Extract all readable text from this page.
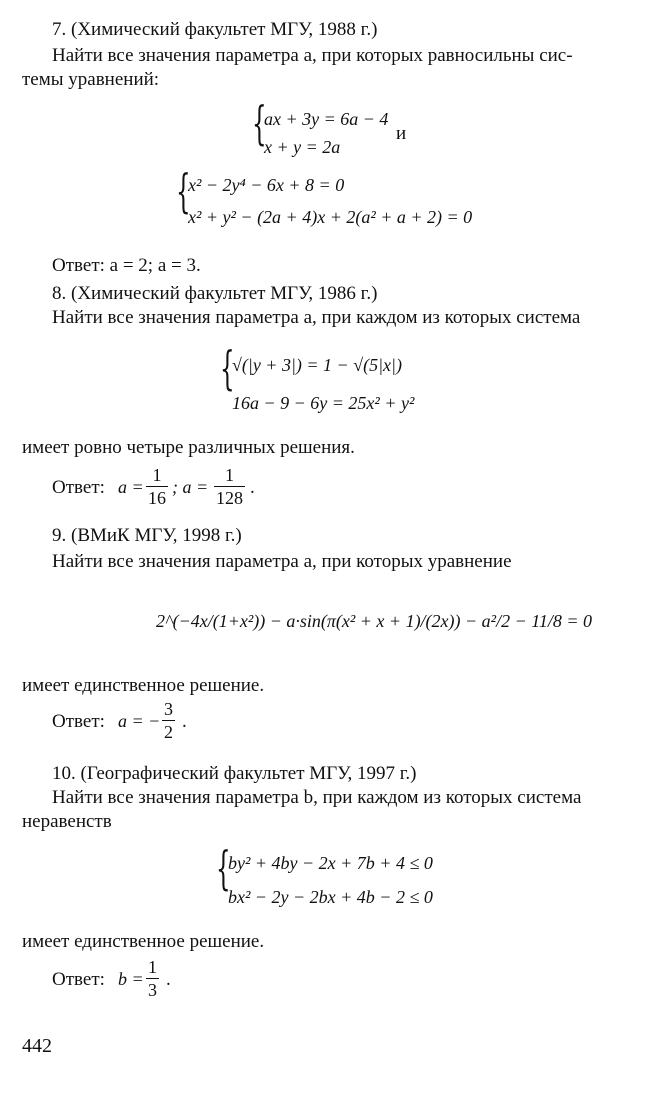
7. (Химический факультет МГУ, 1988 г.)
Найти все значения параметра a, при которых равносильны сис-
темы уравнений:
{
ax + 3y = 6a − 4
x + y = 2a
и
{
x² − 2y⁴ − 6x + 8 = 0
x² + y² − (2a + 4)x + 2(a² + a + 2) = 0
Ответ: a = 2; a = 3.
8. (Химический факультет МГУ, 1986 г.)
Найти все значения параметра a, при каждом из которых система
{
√(|y + 3|) = 1 − √(5|x|)
16a − 9 − 6y = 25x² + y²
имеет ровно четыре различных решения.
Ответ: $a = \frac{1}{16}$ ; $a = \frac{1}{128}$ .
9. (ВМиК МГУ, 1998 г.)
Найти все значения параметра a, при которых уравнение
2^(−4x/(1+x²)) − a·sin(π(x² + x + 1)/(2x)) − a²/2 − 11/8 = 0
имеет единственное решение.
Ответ: a = − $\frac{3}{2}$ .
10. (Географический факультет МГУ, 1997 г.)
Найти все значения параметра b, при каждом из которых система
неравенств
{
by² + 4by − 2x + 7b + 4 ≤ 0
bx² − 2y − 2bx + 4b − 2 ≤ 0
имеет единственное решение.
Ответ: $b = \frac{1}{3}$ .
442
